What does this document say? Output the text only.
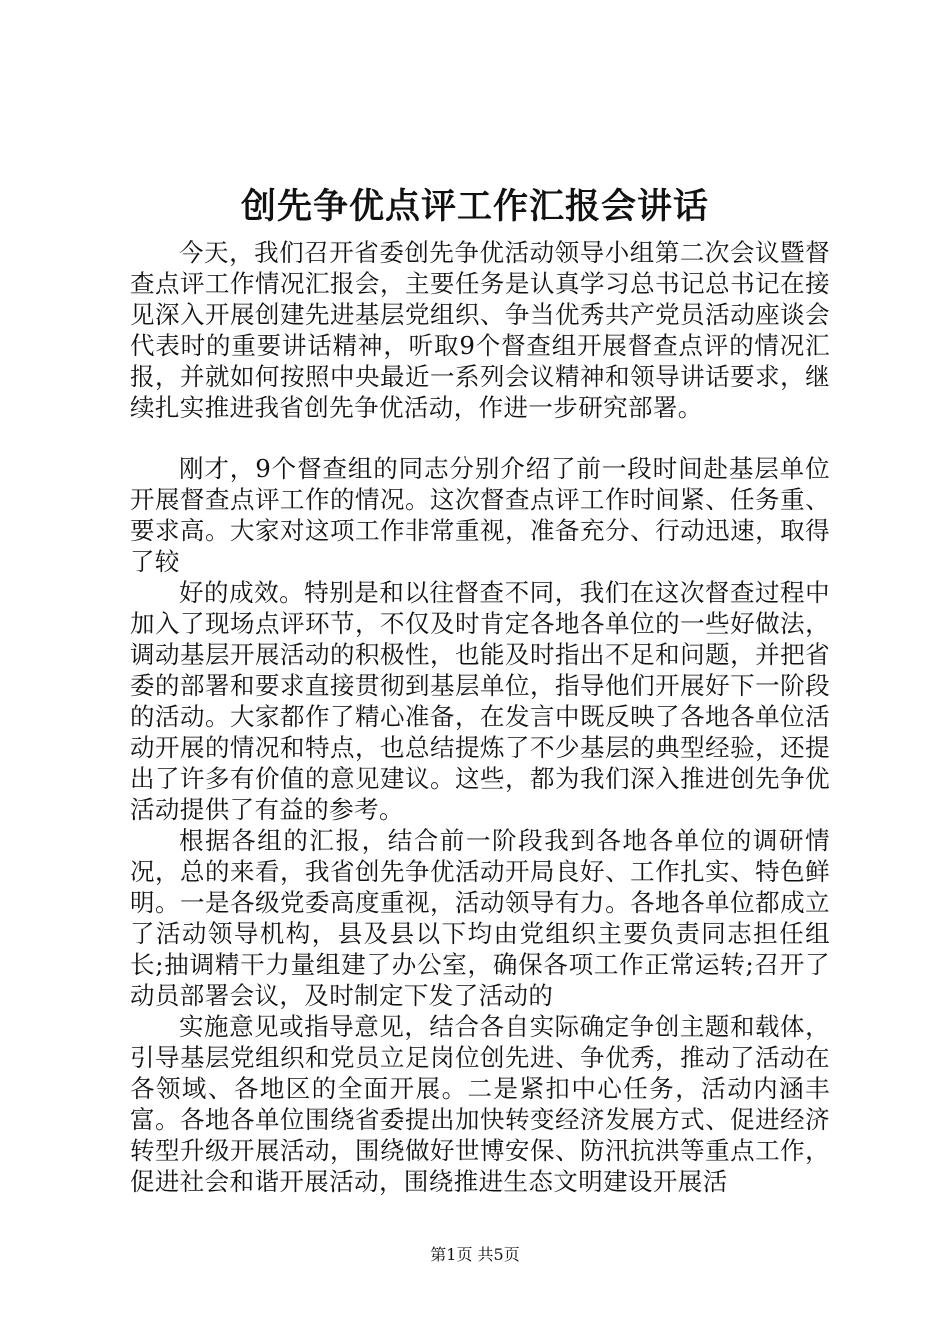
创先争优点评工作汇报会讲话

今天，我们召开省委创先争优活动领导小组第二次会议暨督查点评工作情况汇报会，主要任务是认真学习总书记总书记在接见深入开展创建先进基层党组织、争当优秀共产党员活动座谈会代表时的重要讲话精神，听取9个督查组开展督查点评的情况汇报，并就如何按照中央最近一系列会议精神和领导讲话要求，继续扎实推进我省创先争优活动，作进一步研究部署。

刚才，9个督查组的同志分别介绍了前一段时间赴基层单位开展督查点评工作的情况。这次督查点评工作时间紧、任务重、要求高。大家对这项工作非常重视，准备充分、行动迅速，取得了较

好的成效。特别是和以往督查不同，我们在这次督查过程中加入了现场点评环节，不仅及时肯定各地各单位的一些好做法，调动基层开展活动的积极性，也能及时指出不足和问题，并把省委的部署和要求直接贯彻到基层单位，指导他们开展好下一阶段的活动。大家都作了精心准备，在发言中既反映了各地各单位活动开展的情况和特点，也总结提炼了不少基层的典型经验，还提出了许多有价值的意见建议。这些，都为我们深入推进创先争优活动提供了有益的参考。

根据各组的汇报，结合前一阶段我到各地各单位的调研情况，总的来看，我省创先争优活动开局良好、工作扎实、特色鲜明。一是各级党委高度重视，活动领导有力。各地各单位都成立了活动领导机构，县及县以下均由党组织主要负责同志担任组长;抽调精干力量组建了办公室，确保各项工作正常运转;召开了动员部署会议，及时制定下发了活动的

实施意见或指导意见，结合各自实际确定争创主题和载体，引导基层党组织和党员立足岗位创先进、争优秀，推动了活动在各领域、各地区的全面开展。二是紧扣中心任务，活动内涵丰富。各地各单位围绕省委提出加快转变经济发展方式、促进经济转型升级开展活动，围绕做好世博安保、防汛抗洪等重点工作，促进社会和谐开展活动，围绕推进生态文明建设开展活

第1页 共5页
